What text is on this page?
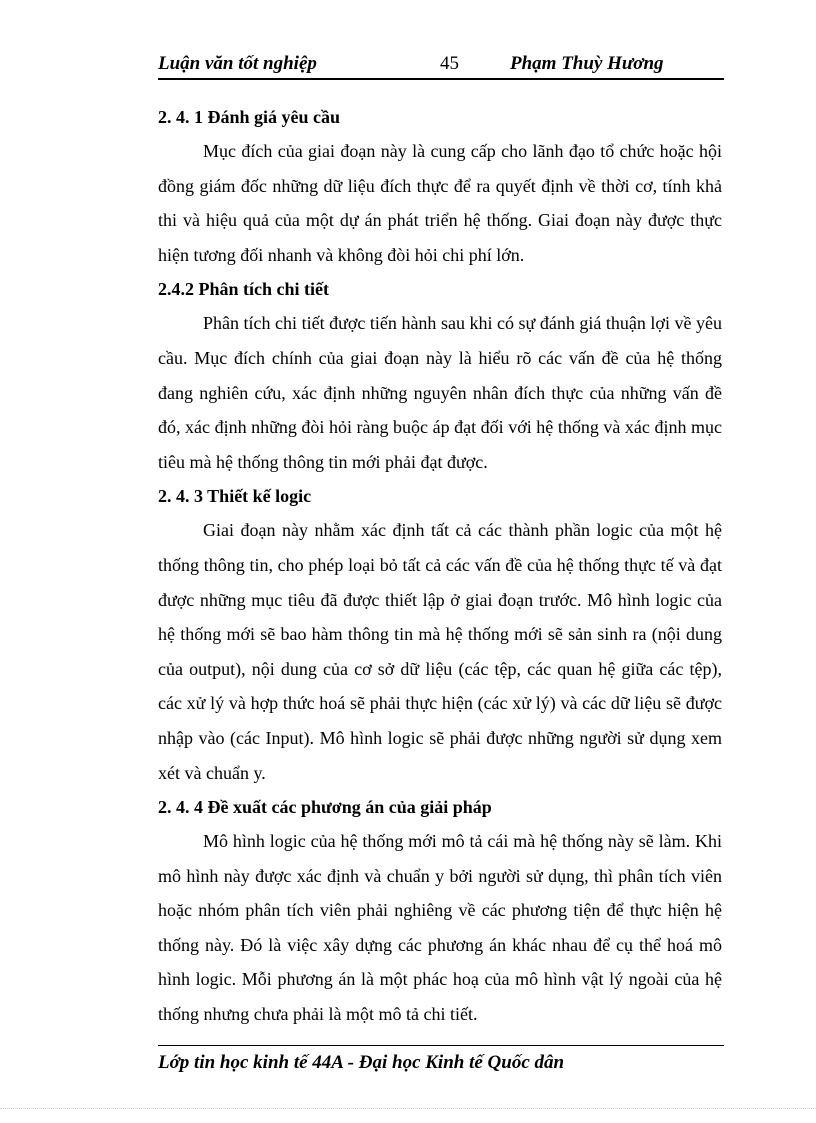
Luận văn tốt nghiệp	45	Phạm Thuỳ Hương
2. 4. 1 Đánh giá yêu cầu

Mục đích của giai đoạn này là cung cấp cho lãnh đạo tổ chức hoặc hội đồng giám đốc những dữ liệu đích thực để ra quyết định về thời cơ, tính khả thi và hiệu quả của một dự án phát triển hệ thống. Giai đoạn này được thực hiện tương đối nhanh và không đòi hỏi chi phí lớn.

2.4.2 Phân tích chi tiết

Phân tích chi tiết được tiến hành sau khi có sự đánh giá thuận lợi về yêu cầu. Mục đích chính của giai đoạn này là hiểu rõ các vấn đề của hệ thống đang nghiên cứu, xác định những nguyên nhân đích thực của những vấn đề đó, xác định những đòi hỏi ràng buộc áp đạt đối với hệ thống và xác định mục tiêu mà hệ thống thông tin mới phải đạt được.

2. 4. 3 Thiết kế logic

Giai đoạn này nhằm xác định tất cả các thành phần logic của một hệ thống thông tin, cho phép loại bỏ tất cả các vấn đề của hệ thống thực tế và đạt được những mục tiêu đã được thiết lập ở giai đoạn trước. Mô hình logic của hệ thống mới sẽ bao hàm thông tin mà hệ thống mới sẽ sản sinh ra (nội dung của output), nội dung của cơ sở dữ liệu (các tệp, các quan hệ giữa các tệp), các xử lý và hợp thức hoá sẽ phải thực hiện (các xử lý) và các dữ liệu sẽ được nhập vào (các Input). Mô hình logic sẽ phải được những người sử dụng xem xét và chuẩn y.

2. 4. 4 Đề xuất các phương án của giải pháp

Mô hình logic của hệ thống mới mô tả cái mà hệ thống này sẽ làm. Khi mô hình này được xác định và chuẩn y bởi người sử dụng, thì phân tích viên hoặc nhóm phân tích viên phải nghiêng về các phương tiện để thực hiện hệ thống này. Đó là việc xây dựng các phương án khác nhau để cụ thể hoá mô hình logic. Mỗi phương án là một phác hoạ của mô hình vật lý ngoài của hệ thống nhưng chưa phải là một mô tả chi tiết.

Lớp tin học kinh tế 44A - Đại học Kinh tế Quốc dân
